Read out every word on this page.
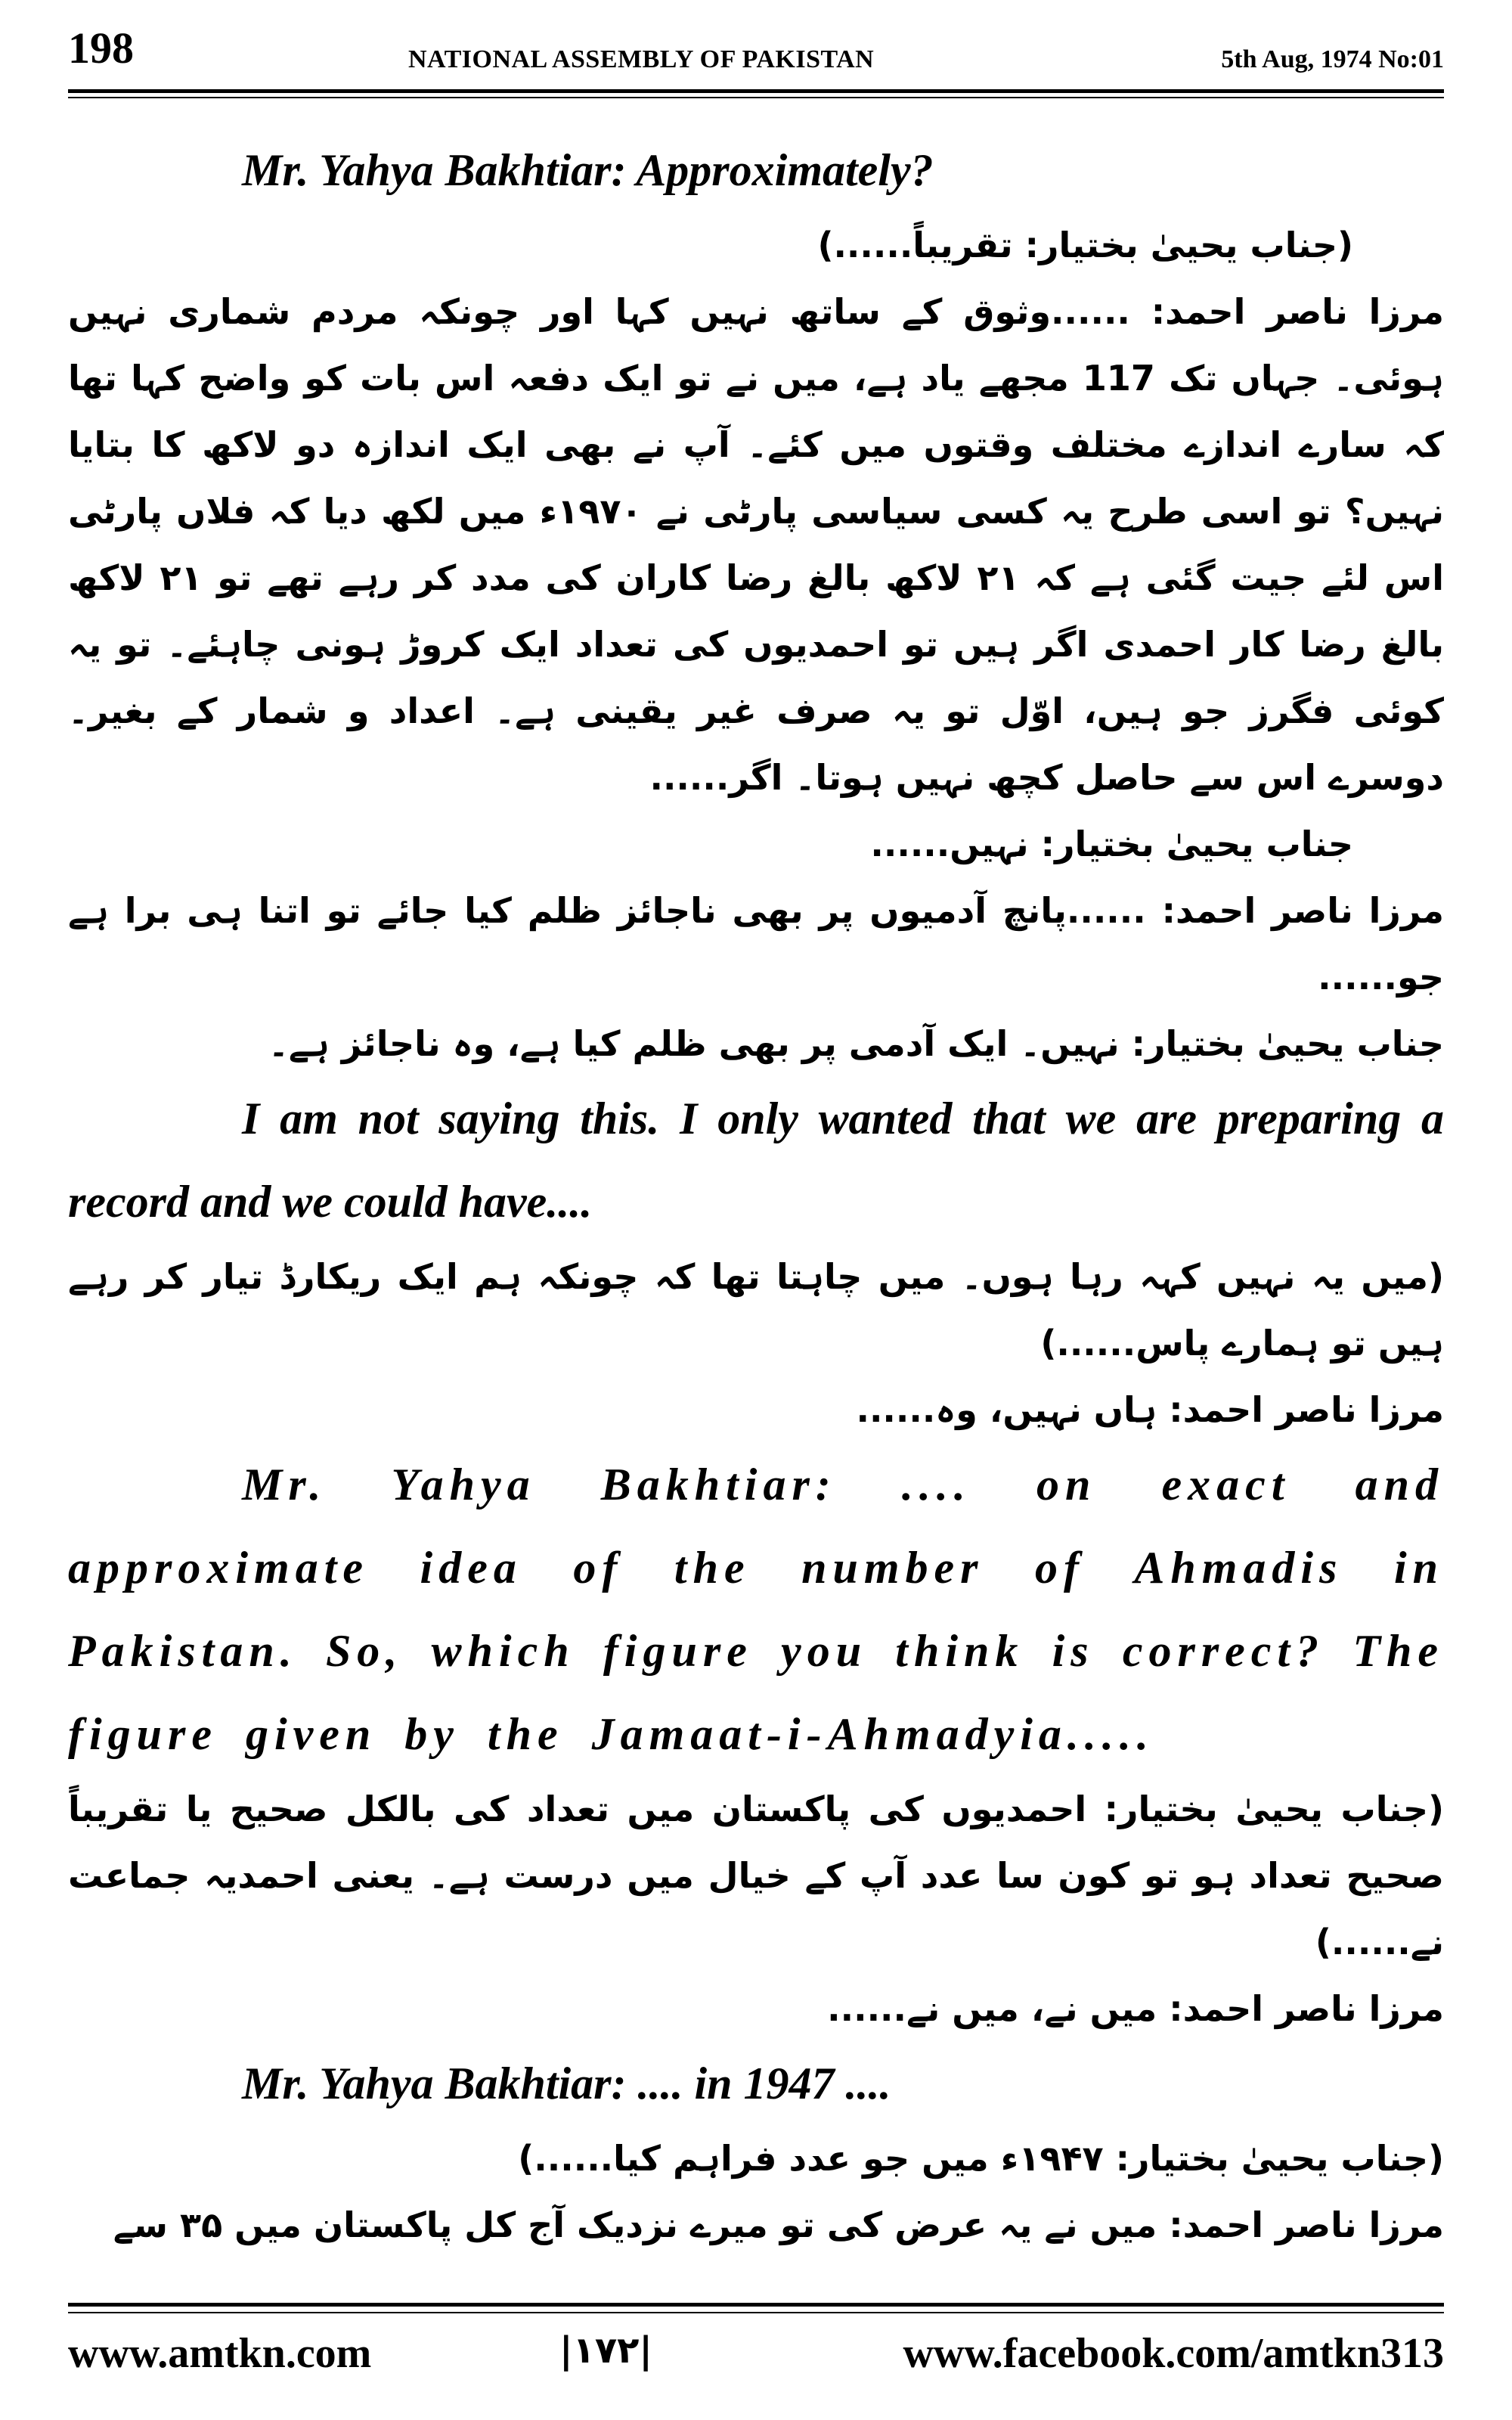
198	NATIONAL ASSEMBLY OF PAKISTAN	5th Aug, 1974 No:01

Mr. Yahya Bakhtiar: Approximately?

(جناب یحییٰ بختیار: تقریباً......)

مرزا ناصر احمد: ......وثوق کے ساتھ نہیں کہا اور چونکہ مردم شماری نہیں ہوئی۔ جہاں تک 117 مجھے یاد ہے، میں نے تو ایک دفعہ اس بات کو واضح کہا تھا کہ سارے اندازے مختلف وقتوں میں کئے۔ آپ نے بھی ایک اندازہ دو لاکھ کا بتایا نہیں؟ تو اسی طرح یہ کسی سیاسی پارٹی نے ۱۹۷۰ء میں لکھ دیا کہ فلاں پارٹی اس لئے جیت گئی ہے کہ ۲۱ لاکھ بالغ رضا کاران کی مدد کر رہے تھے تو ۲۱ لاکھ بالغ رضا کار احمدی اگر ہیں تو احمدیوں کی تعداد ایک کروڑ ہونی چاہئے۔ تو یہ کوئی فگرز جو ہیں، اوّل تو یہ صرف غیر یقینی ہے۔ اعداد و شمار کے بغیر۔ دوسرے اس سے حاصل کچھ نہیں ہوتا۔ اگر......

جناب یحییٰ بختیار: نہیں......

مرزا ناصر احمد: ......پانچ آدمیوں پر بھی ناجائز ظلم کیا جائے تو اتنا ہی برا ہے جو......

جناب یحییٰ بختیار: نہیں۔ ایک آدمی پر بھی ظلم کیا ہے، وہ ناجائز ہے۔

I am not saying this. I only wanted that we are preparing a record and we could have....

(میں یہ نہیں کہہ رہا ہوں۔ میں چاہتا تھا کہ چونکہ ہم ایک ریکارڈ تیار کر رہے ہیں تو ہمارے پاس......)

مرزا ناصر احمد: ہاں نہیں، وہ......

Mr. Yahya Bakhtiar: .... on exact and approximate idea of the number of Ahmadis in Pakistan. So, which figure you think is correct? The figure given by the Jamaat-i-Ahmadyia.....

(جناب یحییٰ بختیار: احمدیوں کی پاکستان میں تعداد کی بالکل صحیح یا تقریباً صحیح تعداد ہو تو کون سا عدد آپ کے خیال میں درست ہے۔ یعنی احمدیہ جماعت نے......)

مرزا ناصر احمد: میں نے، میں نے......

Mr. Yahya Bakhtiar: .... in 1947 ....

(جناب یحییٰ بختیار: ۱۹۴۷ء میں جو عدد فراہم کیا......)

مرزا ناصر احمد: میں نے یہ عرض کی تو میرے نزدیک آج کل پاکستان میں ۳۵ سے

www.amtkn.com	|۱۷۲|	www.facebook.com/amtkn313
